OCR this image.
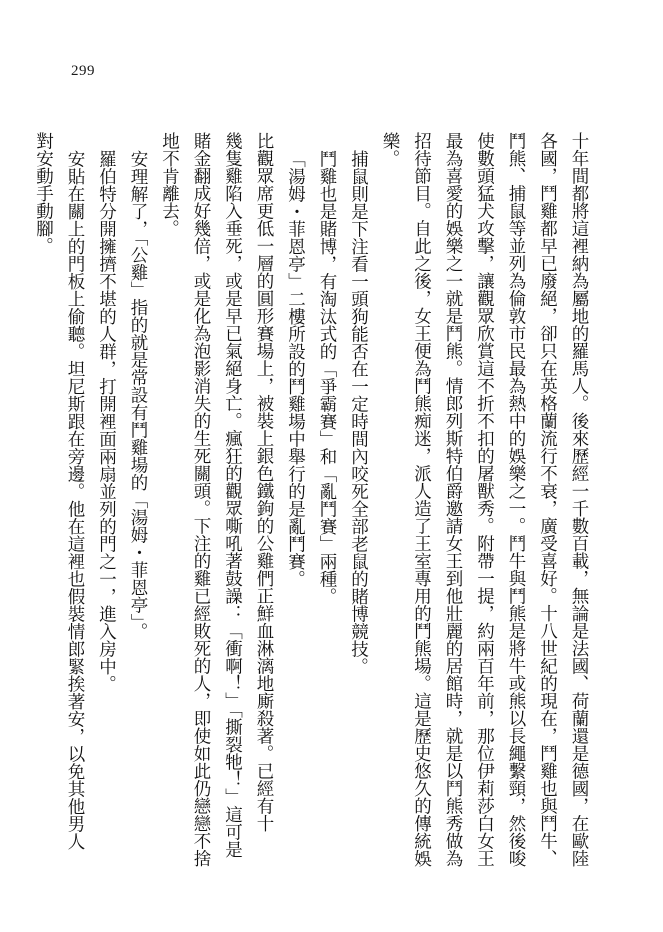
299
十年間都將這裡納為屬地的羅馬人。後來歷經一千數百載，無論是法國、荷蘭還是德國，在歐陸
各國，鬥雞都早已廢絕，卻只在英格蘭流行不衰，廣受喜好。十八世紀的現在，鬥雞也與鬥牛、
鬥熊、捕鼠等並列為倫敦市民最為熱中的娛樂之一。鬥牛與鬥熊是將牛或熊以長繩繫頸，然後唆
使數頭猛犬攻擊，讓觀眾欣賞這不折不扣的屠獸秀。附帶一提，約兩百年前，那位伊莉莎白女王
最為喜愛的娛樂之一就是鬥熊。情郎列斯特伯爵邀請女王到他壯麗的居館時，就是以鬥熊秀做為
招待節目。自此之後，女王便為鬥熊痴迷，派人造了王室專用的鬥熊場。這是歷史悠久的傳統娛
樂。
捕鼠則是下注看一頭狗能否在一定時間內咬死全部老鼠的賭博競技。
鬥雞也是賭博，有淘汰式的「爭霸賽」和「亂鬥賽」兩種。
「湯姆・菲恩亭」二樓所設的鬥雞場中舉行的是亂鬥賽。
比觀眾席更低一層的圓形賽場上，被裝上銀色鐵鉤的公雞們正鮮血淋漓地廝殺著。已經有十
幾隻雞陷入垂死，或是早已氣絕身亡。瘋狂的觀眾嘶吼著鼓譟：「衝啊！」「撕裂牠！」這可是
賭金翻成好幾倍，或是化為泡影消失的生死關頭。下注的雞已經敗死的人，即使如此仍戀戀不捨
地不肯離去。
安理解了，「公雞」指的就是常設有鬥雞場的「湯姆・菲恩亭」。
羅伯特分開擁擠不堪的人群，打開裡面兩扇並列的門之一，進入房中。
安貼在關上的門板上偷聽。坦尼斯跟在旁邊。他在這裡也假裝情郎緊挨著安，以免其他男人
對安動手動腳。
